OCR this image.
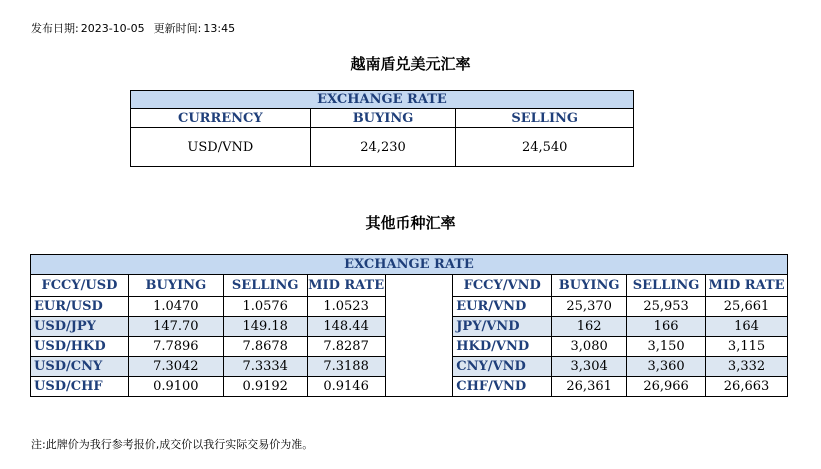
发布日期: 2023-10-05 更新时间: 13:45
越南盾兑美元汇率
EXCHANGE RATE		
CURRENCY	BUYING	SELLING
USD/VND	24,230	24,540
其他币种汇率
EXCHANGE RATE								
FCCY/USD	BUYING	SELLING	MID RATE		FCCY/VND	BUYING	SELLING	MID RATE
EUR/USD	1.0470	1.0576	1.0523		EUR/VND	25,370	25,953	25,661
USD/JPY	147.70	149.18	148.44		JPY/VND	162	166	164
USD/HKD	7.7896	7.8678	7.8287		HKD/VND	3,080	3,150	3,115
USD/CNY	7.3042	7.3334	7.3188		CNY/VND	3,304	3,360	3,332
USD/CHF	0.9100	0.9192	0.9146		CHF/VND	26,361	26,966	26,663
注:此牌价为我行参考报价,成交价以我行实际交易价为准。
